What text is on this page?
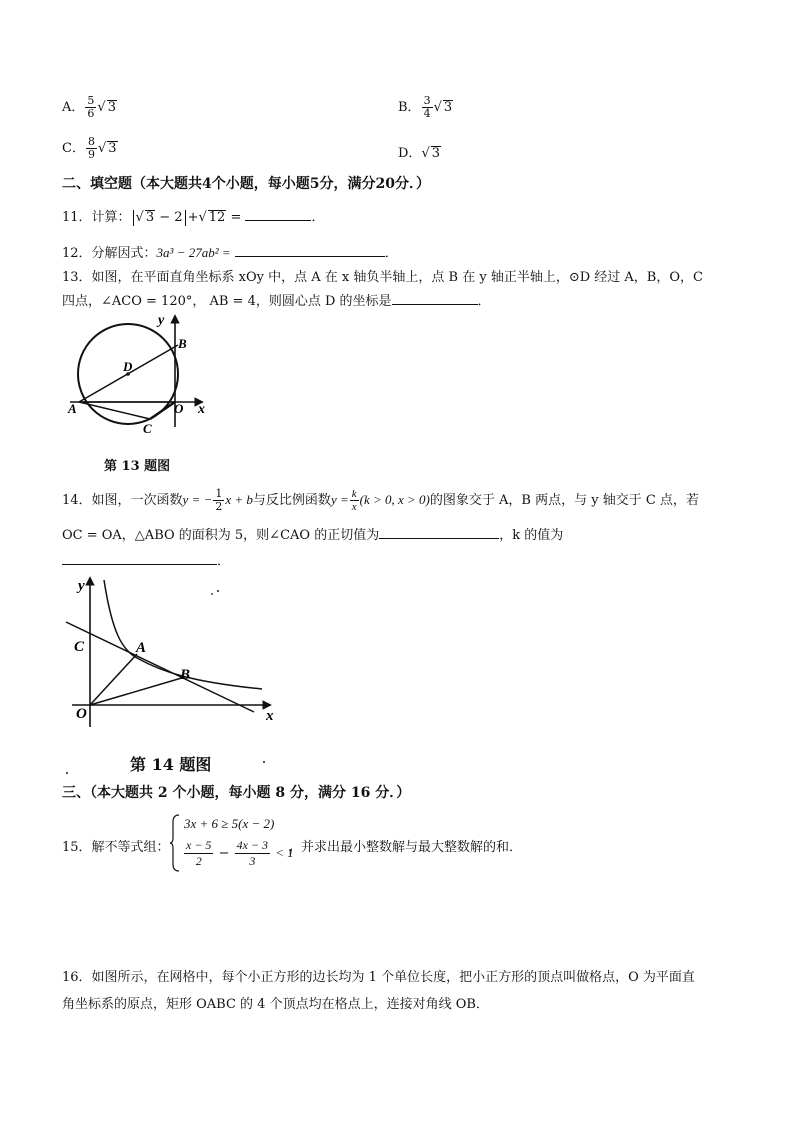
A． $\frac{5}{6}$ √ 3	B． $\frac{3}{4}$ √ 3
C． $\frac{8}{9}$ √ 3	D．√ 3
二、填空题（本大题共4个小题，每小题5分，满分20分．）
11．计算： √ 3 − 2 +√ 12 =	．
12．分解因式：3a³ − 27ab² =	．
13．如图，在平面直角坐标系 xOy 中，点 A 在 x 轴负半轴上，点 B 在 y 轴正半轴上，⊙D 经过 A，B，O，C
四点，∠ACO = 120°， AB = 4，则圆心点 D 的坐标是	．
y
x
B
D
A	O
C
第 13 题图
14．如图，一次函数y = − $\frac{1}{2}$ x + b与反比例函数$y = \frac{k}{x} (k > 0$, x > 0)的图象交于 A，B 两点，与 y 轴交于 C 点，若
OC = OA，△ABO 的面积为 5，则∠CAO 的正切值为	，k 的值为
．
y
C	A
B
O	x
第 14 题图
三、（本大题共 2 个小题，每小题 8 分，满分 16 分．）
15．解不等式组：
3x + 6 ≥ 5(x − 2)
$\frac{x - 5}{2} - \frac{4x - 3}{3} < 1$
，并求出最小整数解与最大整数解的和．
16．如图所示，在网格中，每个小正方形的边长均为 1 个单位长度，把小正方形的顶点叫做格点，O 为平面直
角坐标系的原点，矩形 OABC 的 4 个顶点均在格点上，连接对角线 OB．
